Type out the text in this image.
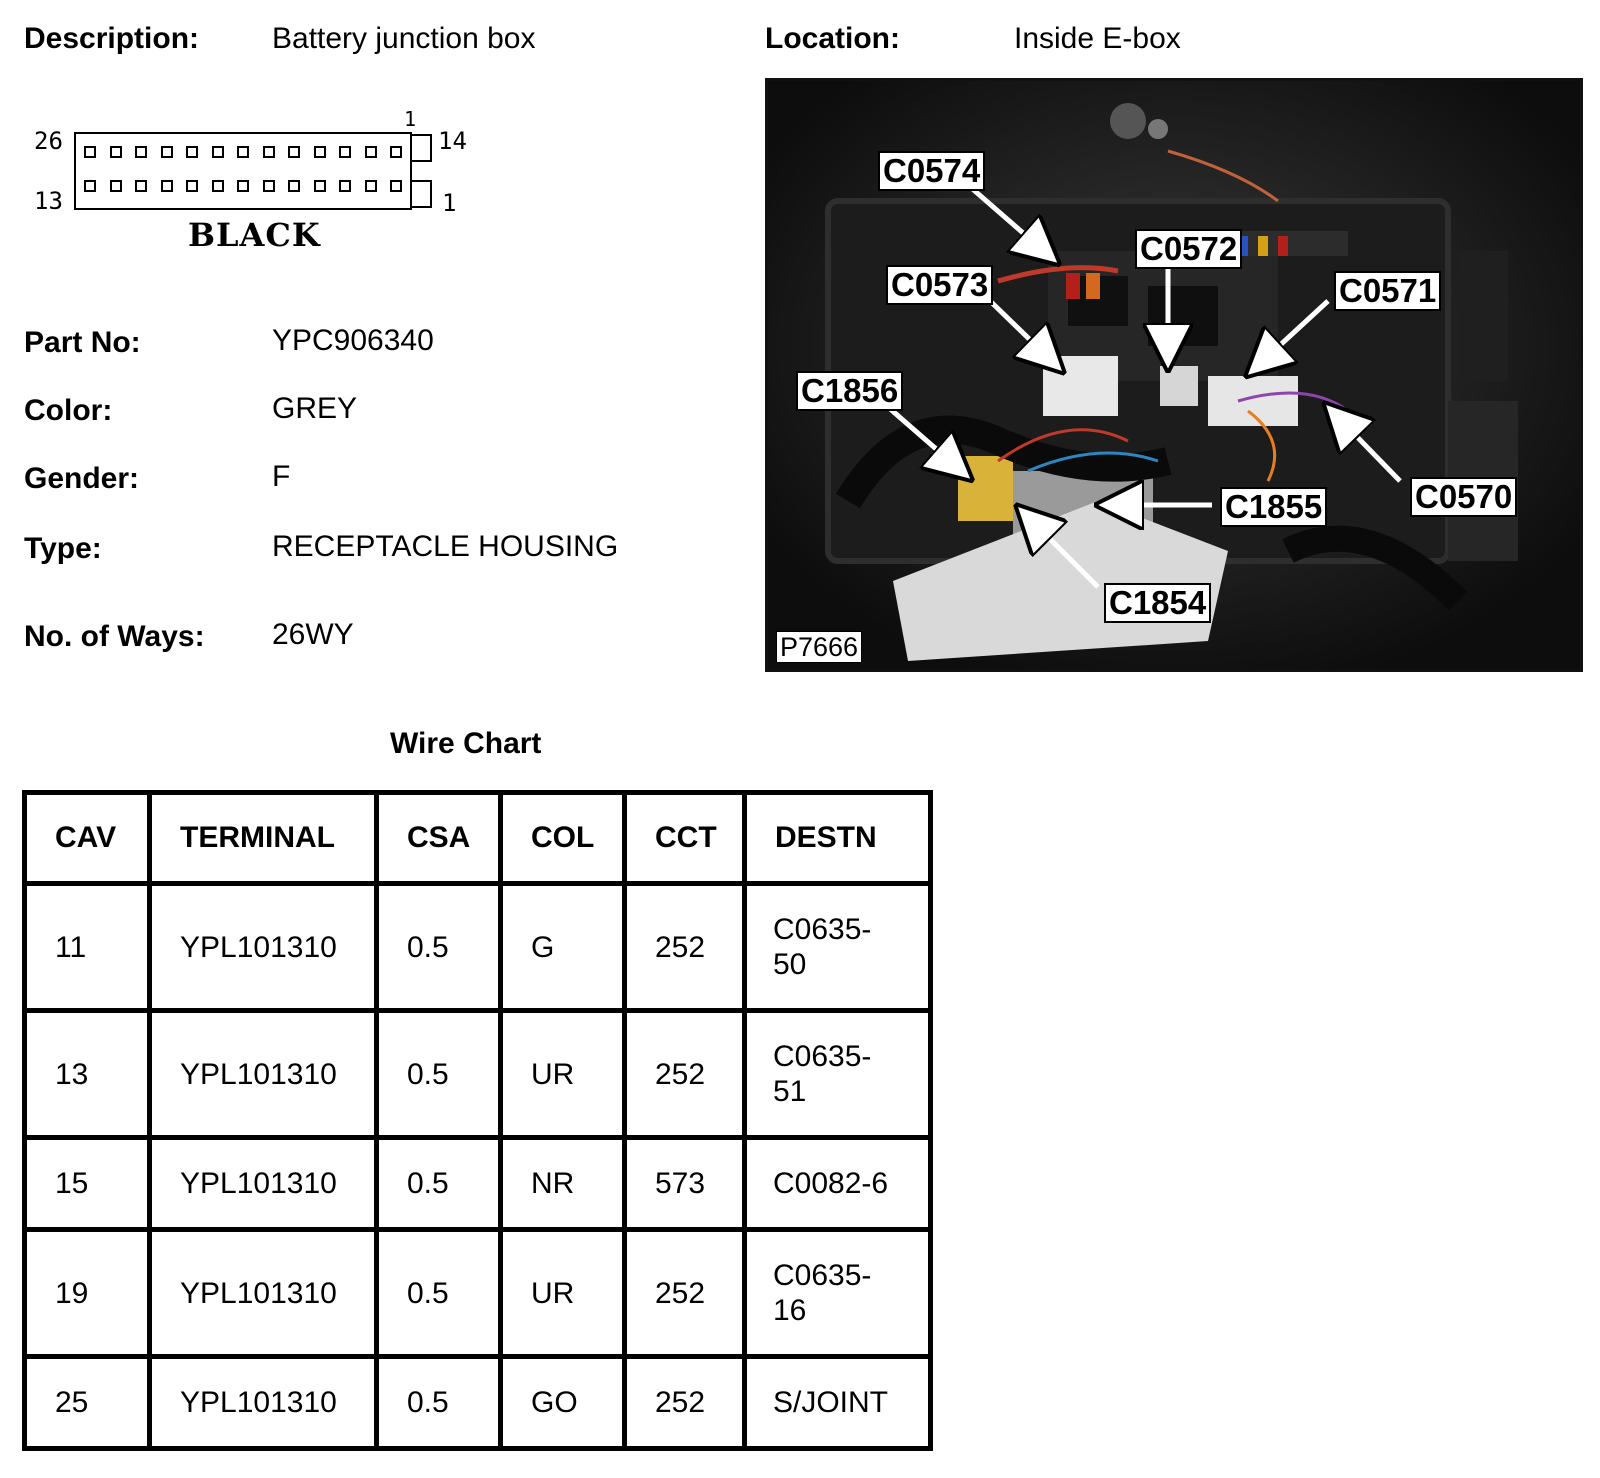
Description: Battery junction box	Location:	Inside E-box
26	14
13	1
1
BLACK
Part No:	YPC906340
Color:	GREY
Gender:	F
Type:	RECEPTACLE HOUSING
No. of Ways: 26WY
C0574
C0572
C0573	C0571
C1856
C1855	C0570
C1854
P7666
Wire Chart
CAV	TERMINAL	CSA	COL	CCT	DESTN
11	YPL101310	0.5	G	252	C0635-
50
13	YPL101310	0.5	UR	252	C0635-
51
15	YPL101310	0.5	NR	573	C0082-6
19	YPL101310	0.5	UR	252	C0635-
16
25	YPL101310	0.5	GO	252	S/JOINT
